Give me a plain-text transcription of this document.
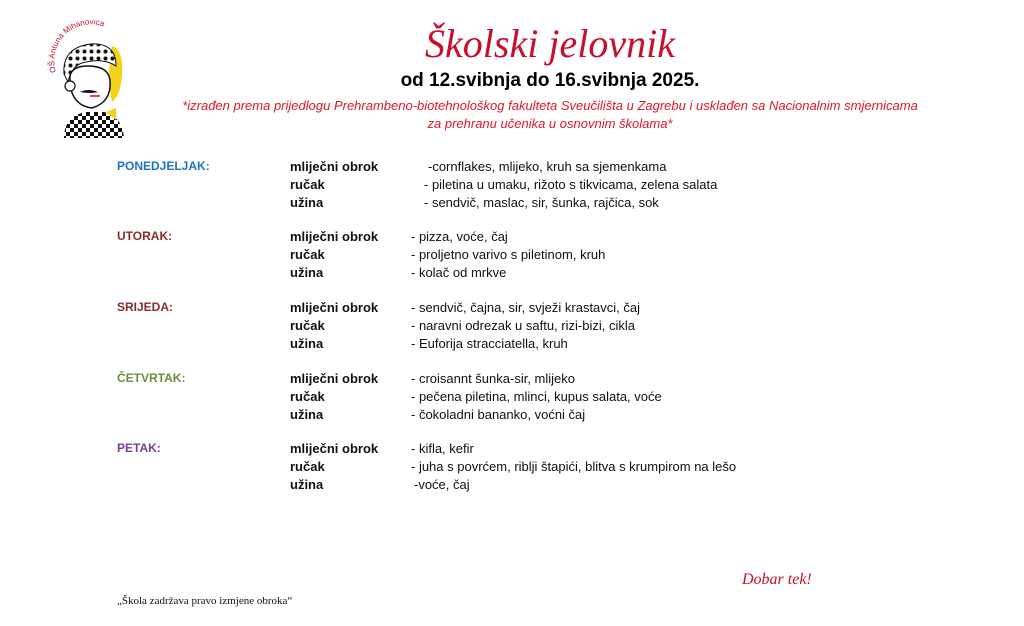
OŠ Antuna Mihanovića	Školski jelovnik
od 12.svibnja do 16.svibnja 2025.
*izrađen prema prijedlogu Prehrambeno-biotehnološkog fakulteta Sveučilišta u Zagrebu i usklađen sa Nacionalnim smjernicama
za prehranu učenika u osnovnim školama*
PONEDJELJAK:	mliječni obrok	-cornflakes, mlijeko, kruh sa sjemenkama
ručak	- piletina u umaku, rižoto s tikvicama, zelena salata
užina	- sendvič, maslac, sir, šunka, rajčica, sok
UTORAK:	mliječni obrok	- pizza, voće, čaj
ručak	- proljetno varivo s piletinom, kruh
užina	- kolač od mrkve
SRIJEDA:	mliječni obrok	- sendvič, čajna, sir, svježi krastavci, čaj
ručak	- naravni odrezak u saftu, rizi-bizi, cikla
užina	- Euforija stracciatella, kruh
ČETVRTAK:	mliječni obrok	- croisannt šunka-sir, mlijeko
ručak	- pečena piletina, mlinci, kupus salata, voće
užina	- čokoladni bananko, voćni čaj
PETAK:	mliječni obrok	- kifla, kefir
ručak	- juha s povrćem, riblji štapići, blitva s krumpirom na lešo
užina	-voće, čaj
Dobar tek!
„Škola zadržava pravo izmjene obroka“
